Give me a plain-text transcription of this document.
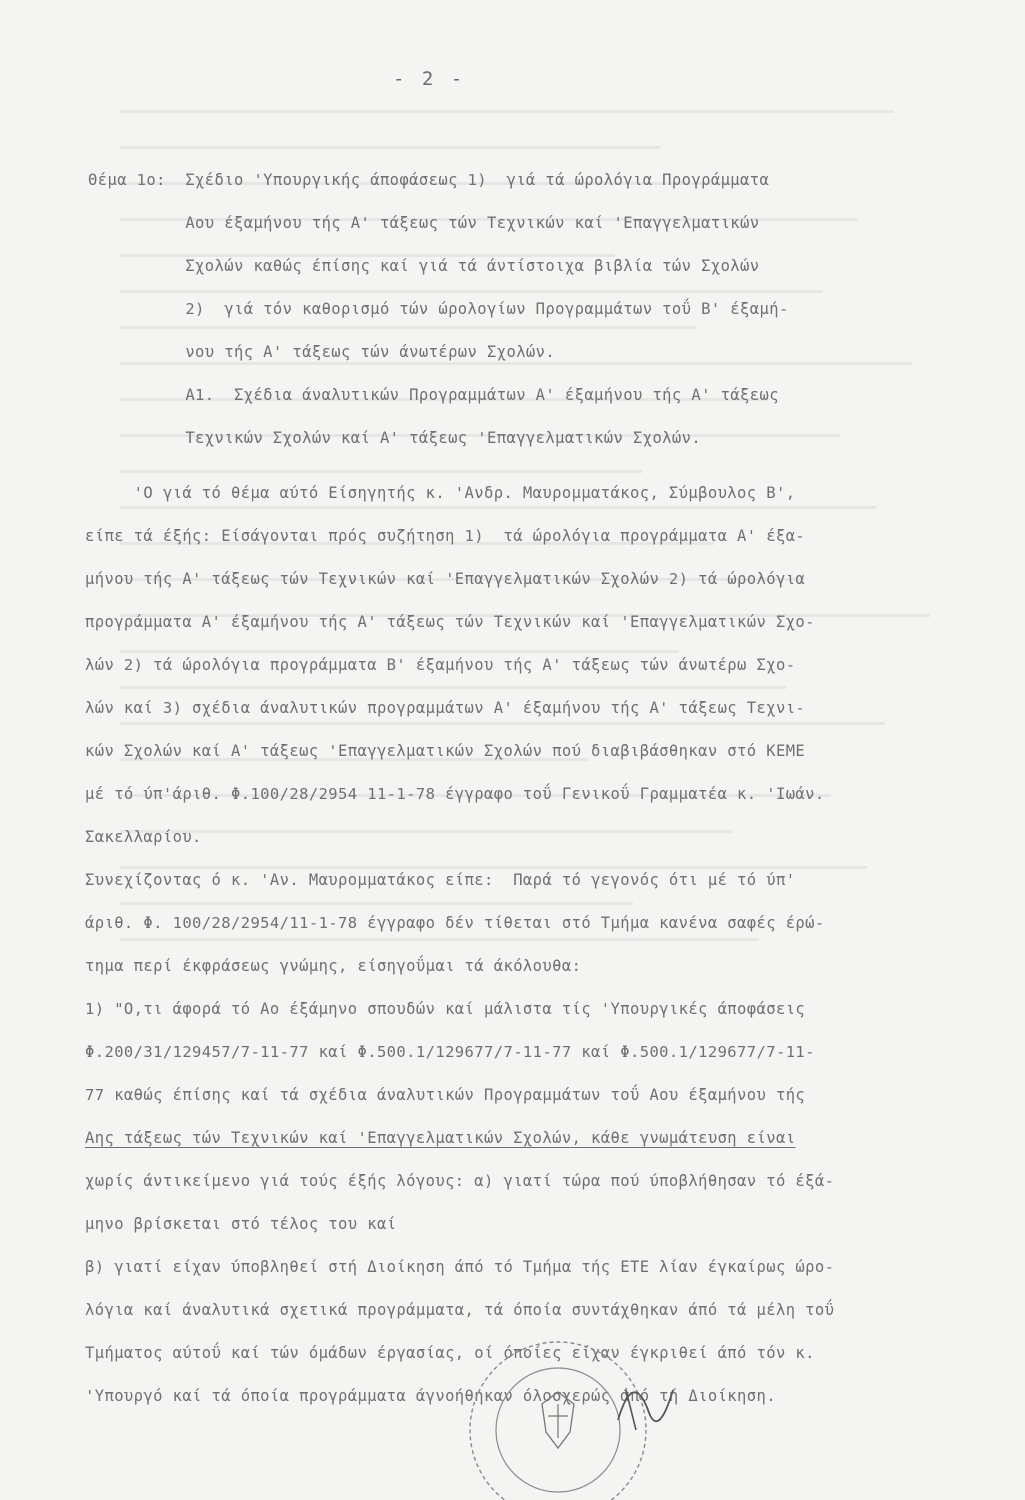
- 2 -
Θέμα 1ο:  Σχέδιο 'Υπουργικής άποφάσεως 1)  γιά τά ώρολόγια Προγράμματα
Αου έξαμήνου τής Α' τάξεως τών Τεχνικών καί 'Επαγγελματικών
Σχολών καθώς έπίσης καί γιά τά άντίστοιχα βιβλία τών Σχολών
2)  γιά τόν καθορισμό τών ώρολογίων Προγραμμάτων τοΰ Β' έξαμή-
νου τής Α' τάξεως τών άνωτέρων Σχολών.
Α1.  Σχέδια άναλυτικών Προγραμμάτων Α' έξαμήνου τής Α' τάξεως
Τεχνικών Σχολών καί Α' τάξεως 'Επαγγελματικών Σχολών.
'Ο γιά τό θέμα αύτό Είσηγητής κ. 'Ανδρ. Μαυρομματάκος, Σύμβουλος Β',
είπε τά έξής: Είσάγονται πρός συζήτηση 1)  τά ώρολόγια προγράμματα Α' έξα-
μήνου τής Α' τάξεως τών Τεχνικών καί 'Επαγγελματικών Σχολών 2) τά ώρολόγια
προγράμματα Α' έξαμήνου τής Α' τάξεως τών Τεχνικών καί 'Επαγγελματικών Σχο-
λών 2) τά ώρολόγια προγράμματα Β' έξαμήνου τής Α' τάξεως τών άνωτέρω Σχο-
λών καί 3) σχέδια άναλυτικών προγραμμάτων Α' έξαμήνου τής Α' τάξεως Τεχνι-
κών Σχολών καί Α' τάξεως 'Επαγγελματικών Σχολών πού διαβιβάσθηκαν στό ΚΕΜΕ
μέ τό ύπ'άριθ. Φ.100/28/2954 11-1-78 έγγραφο τοΰ Γενικοΰ Γραμματέα κ. 'Ιωάν.
Σακελλαρίου.
Συνεχίζοντας ό κ. 'Αν. Μαυρομματάκος είπε:  Παρά τό γεγονός ότι μέ τό ύπ'
άριθ. Φ. 100/28/2954/11-1-78 έγγραφο δέν τίθεται στό Τμήμα κανένα σαφές έρώ-
τημα περί έκφράσεως γνώμης, είσηγοΰμαι τά άκόλουθα:
1) "Ο,τι άφορά τό Αο έξάμηνο σπουδών καί μάλιστα τίς 'Υπουργικές άποφάσεις
Φ.200/31/129457/7-11-77 καί Φ.500.1/129677/7-11-77 καί Φ.500.1/129677/7-11-
77 καθώς έπίσης καί τά σχέδια άναλυτικών Προγραμμάτων τοΰ Αου έξαμήνου τής
Αης τάξεως τών Τεχνικών καί 'Επαγγελματικών Σχολών, κάθε γνωμάτευση είναι
χωρίς άντικείμενο γιά τούς έξής λόγους: α) γιατί τώρα πού ύποβλήθησαν τό έξά-
μηνο βρίσκεται στό τέλος του καί
β) γιατί είχαν ύποβληθεί στή Διοίκηση άπό τό Τμήμα τής ΕΤΕ λίαν έγκαίρως ώρο-
λόγια καί άναλυτικά σχετικά προγράμματα, τά όποία συντάχθηκαν άπό τά μέλη τοΰ
Τμήματος αύτοΰ καί τών όμάδων έργασίας, οί όποίες είχαν έγκριθεί άπό τόν κ.
'Υπουργό καί τά όποία προγράμματα άγνοήθηκαν όλοσχερώς άπό τή Διοίκηση.
